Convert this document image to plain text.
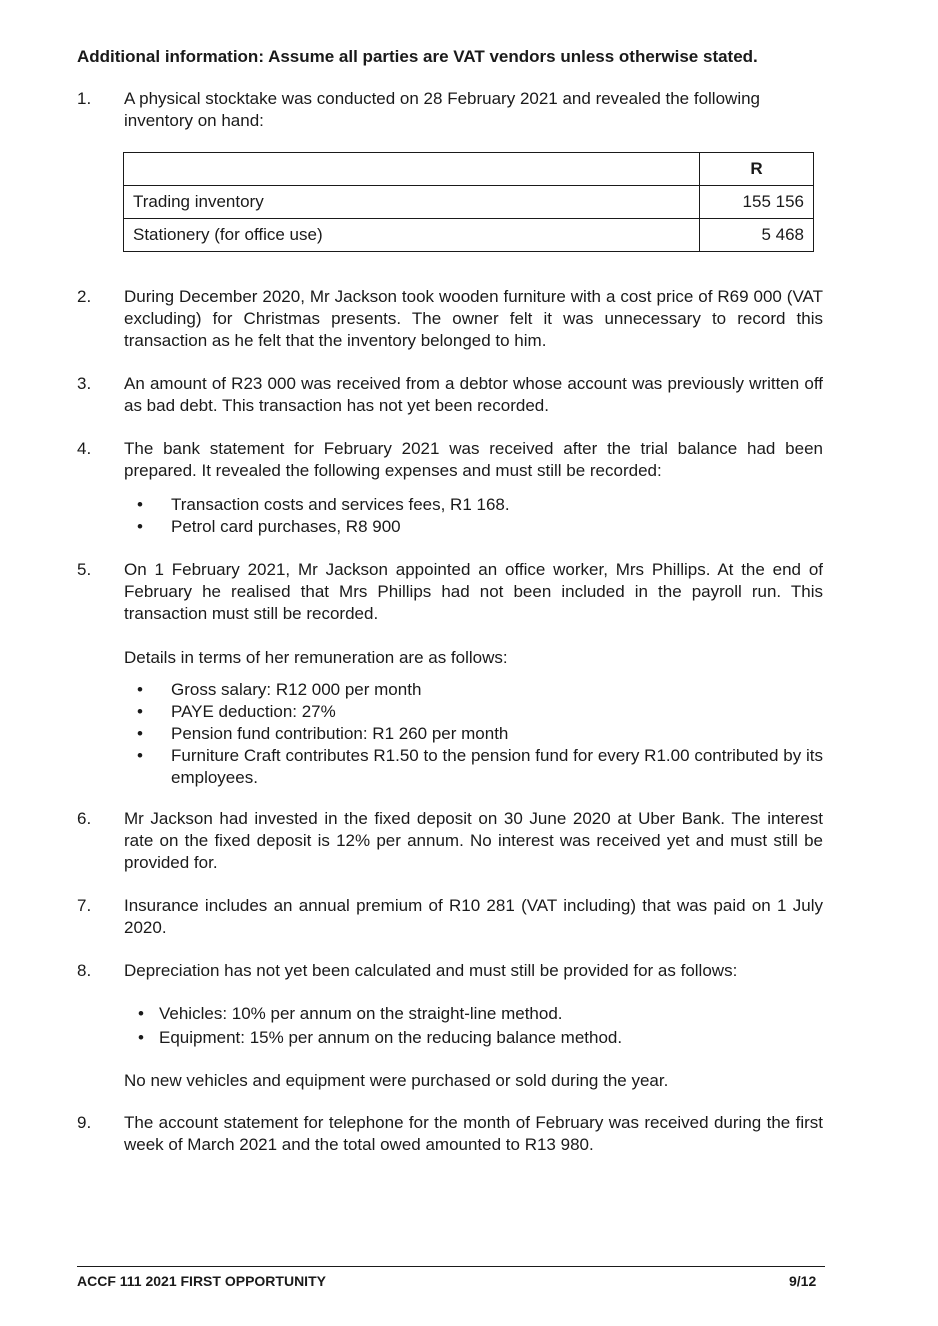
Additional information: Assume all parties are VAT vendors unless otherwise stated.
1. A physical stocktake was conducted on 28 February 2021 and revealed the following inventory on hand:
	R
Trading inventory	155 156
Stationery (for office use)	5 468
2. During December 2020, Mr Jackson took wooden furniture with a cost price of R69 000 (VAT excluding) for Christmas presents. The owner felt it was unnecessary to record this transaction as he felt that the inventory belonged to him.
3. An amount of R23 000 was received from a debtor whose account was previously written off as bad debt. This transaction has not yet been recorded.
4. The bank statement for February 2021 was received after the trial balance had been prepared. It revealed the following expenses and must still be recorded:
• Transaction costs and services fees, R1 168.
• Petrol card purchases, R8 900
5. On 1 February 2021, Mr Jackson appointed an office worker, Mrs Phillips. At the end of February he realised that Mrs Phillips had not been included in the payroll run. This transaction must still be recorded.
Details in terms of her remuneration are as follows:
• Gross salary: R12 000 per month
• PAYE deduction: 27%
• Pension fund contribution: R1 260 per month
• Furniture Craft contributes R1.50 to the pension fund for every R1.00 contributed by its employees.
6. Mr Jackson had invested in the fixed deposit on 30 June 2020 at Uber Bank. The interest rate on the fixed deposit is 12% per annum. No interest was received yet and must still be provided for.
7. Insurance includes an annual premium of R10 281 (VAT including) that was paid on 1 July 2020.
8. Depreciation has not yet been calculated and must still be provided for as follows:
• Vehicles: 10% per annum on the straight-line method.
• Equipment: 15% per annum on the reducing balance method.
No new vehicles and equipment were purchased or sold during the year.
9. The account statement for telephone for the month of February was received during the first week of March 2021 and the total owed amounted to R13 980.
ACCF 111 2021 FIRST OPPORTUNITY	9/12
